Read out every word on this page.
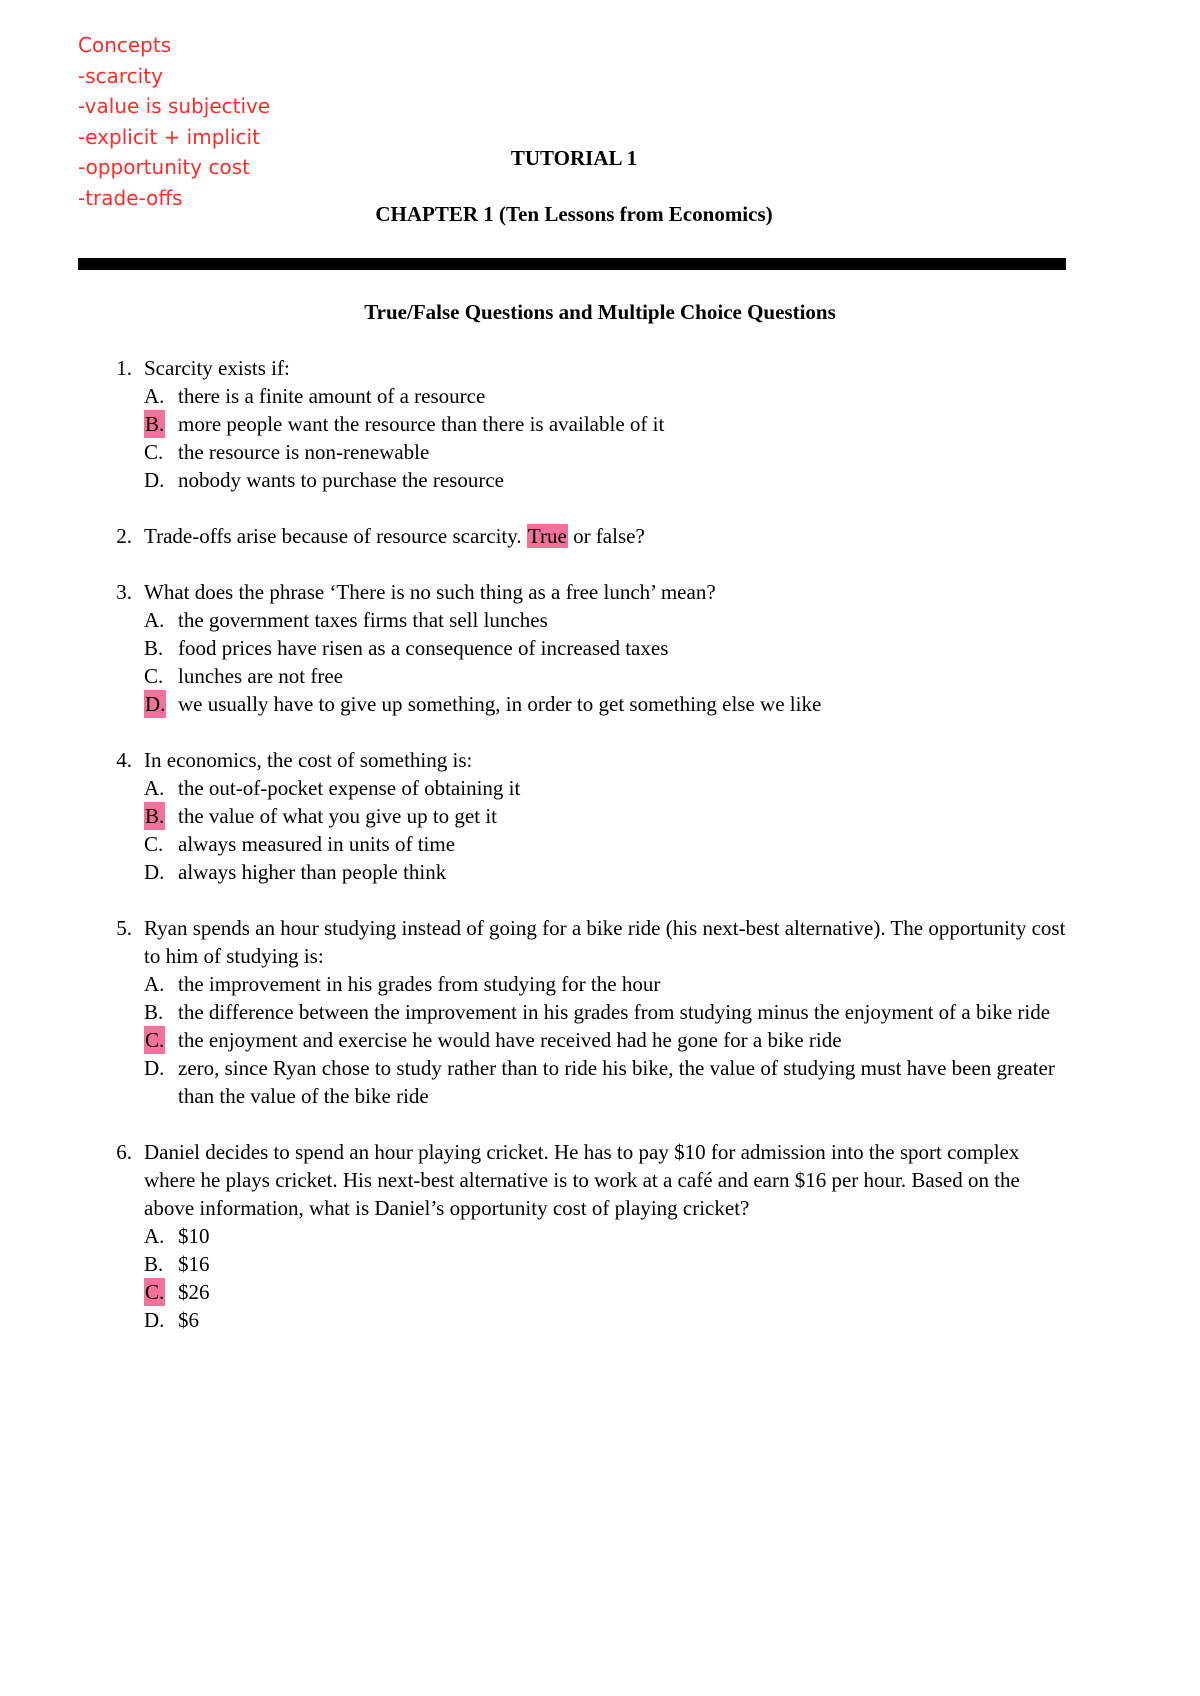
Concepts
-scarcity
-value is subjective
-explicit + implicit
-opportunity cost
-trade-offs
TUTORIAL 1
CHAPTER 1 (Ten Lessons from Economics)
True/False Questions and Multiple Choice Questions
1. Scarcity exists if:
A. there is a finite amount of a resource
B. more people want the resource than there is available of it
C. the resource is non-renewable
D. nobody wants to purchase the resource
2. Trade-offs arise because of resource scarcity. True or false?
3. What does the phrase ‘There is no such thing as a free lunch’ mean?
A. the government taxes firms that sell lunches
B. food prices have risen as a consequence of increased taxes
C. lunches are not free
D. we usually have to give up something, in order to get something else we like
4. In economics, the cost of something is:
A. the out-of-pocket expense of obtaining it
B. the value of what you give up to get it
C. always measured in units of time
D. always higher than people think
5. Ryan spends an hour studying instead of going for a bike ride (his next-best alternative). The opportunity cost to him of studying is:
A. the improvement in his grades from studying for the hour
B. the difference between the improvement in his grades from studying minus the enjoyment of a bike ride
C. the enjoyment and exercise he would have received had he gone for a bike ride
D. zero, since Ryan chose to study rather than to ride his bike, the value of studying must have been greater than the value of the bike ride
6. Daniel decides to spend an hour playing cricket. He has to pay $10 for admission into the sport complex where he plays cricket. His next-best alternative is to work at a café and earn $16 per hour. Based on the above information, what is Daniel’s opportunity cost of playing cricket?
A. $10
B. $16
C. $26
D. $6
